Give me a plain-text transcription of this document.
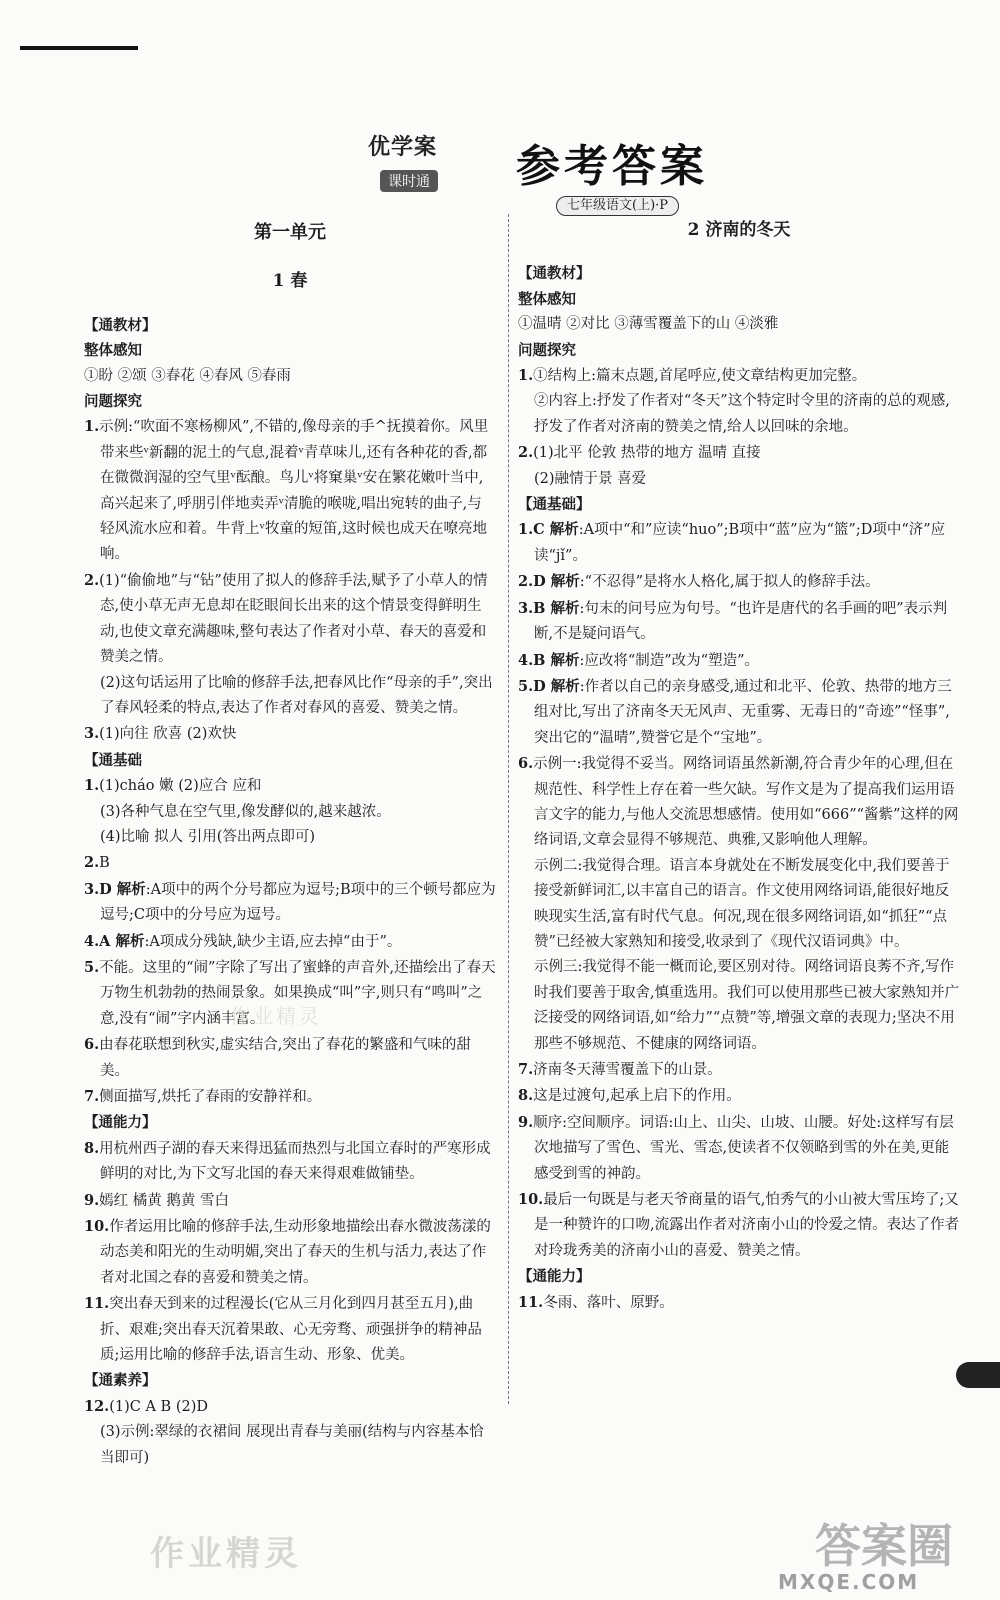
优学案
课时通 参考答案
七年级语文(上)·P
第一单元
1 春
【通教材】
整体感知
①盼 ②颂 ③春花 ④春风 ⑤春雨
问题探究
1.示例:“吹面不寒杨柳风”,不错的,像母亲的手^抚摸着你。风里带来些ᵛ新翻的泥土的气息,混着ᵛ青草味儿,还有各种花的香,都在微微润湿的空气里ᵛ酝酿。鸟儿ᵛ将窠巢ᵛ安在繁花嫩叶当中,高兴起来了,呼朋引伴地卖弄ᵛ清脆的喉咙,唱出宛转的曲子,与轻风流水应和着。牛背上ᵛ牧童的短笛,这时候也成天在嘹亮地响。
2.(1)“偷偷地”与“钻”使用了拟人的修辞手法,赋予了小草人的情态,使小草无声无息却在眨眼间长出来的这个情景变得鲜明生动,也使文章充满趣味,整句表达了作者对小草、春天的喜爱和赞美之情。
(2)这句话运用了比喻的修辞手法,把春风比作“母亲的手”,突出了春风轻柔的特点,表达了作者对春风的喜爱、赞美之情。
3.(1)向往 欣喜 (2)欢快
【通基础
1.(1)cháo 嫩 (2)应合 应和
(3)各种气息在空气里,像发酵似的,越来越浓。
(4)比喻 拟人 引用(答出两点即可)
2.B
3.D 解析:A项中的两个分号都应为逗号;B项中的三个顿号都应为逗号;C项中的分号应为逗号。
4.A 解析:A项成分残缺,缺少主语,应去掉“由于”。
5.不能。这里的“闹”字除了写出了蜜蜂的声音外,还描绘出了春天万物生机勃勃的热闹景象。如果换成“叫”字,则只有“鸣叫”之意,没有“闹”字内涵丰富。
6.由春花联想到秋实,虚实结合,突出了春花的繁盛和气味的甜美。
7.侧面描写,烘托了春雨的安静祥和。
【通能力】
8.用杭州西子湖的春天来得迅猛而热烈与北国立春时的严寒形成鲜明的对比,为下文写北国的春天来得艰难做铺垫。
9.嫣红 橘黄 鹅黄 雪白
10.作者运用比喻的修辞手法,生动形象地描绘出春水微波荡漾的动态美和阳光的生动明媚,突出了春天的生机与活力,表达了作者对北国之春的喜爱和赞美之情。
11.突出春天到来的过程漫长(它从三月化到四月甚至五月),曲折、艰难;突出春天沉着果敢、心无旁骛、顽强拼争的精神品质;运用比喻的修辞手法,语言生动、形象、优美。
【通素养】
12.(1)C A B (2)D
(3)示例:翠绿的衣裙间 展现出青春与美丽(结构与内容基本恰当即可)
2 济南的冬天
【通教材】
整体感知
①温晴 ②对比 ③薄雪覆盖下的山 ④淡雅
问题探究
1.①结构上:篇末点题,首尾呼应,使文章结构更加完整。
②内容上:抒发了作者对“冬天”这个特定时令里的济南的总的观感,抒发了作者对济南的赞美之情,给人以回味的余地。
2.(1)北平 伦敦 热带的地方 温晴 直接
(2)融情于景 喜爱
【通基础】
1.C 解析:A项中“和”应读“huo”;B项中“蓝”应为“篮”;D项中“济”应读“jǐ”。
2.D 解析:“不忍得”是将水人格化,属于拟人的修辞手法。
3.B 解析:句末的问号应为句号。“也许是唐代的名手画的吧”表示判断,不是疑问语气。
4.B 解析:应改将“制造”改为“塑造”。
5.D 解析:作者以自己的亲身感受,通过和北平、伦敦、热带的地方三组对比,写出了济南冬天无风声、无重雾、无毒日的“奇迹”“怪事”,突出它的“温晴”,赞誉它是个“宝地”。
6.示例一:我觉得不妥当。网络词语虽然新潮,符合青少年的心理,但在规范性、科学性上存在着一些欠缺。写作文是为了提高我们运用语言文字的能力,与他人交流思想感情。使用如“666”“酱紫”这样的网络词语,文章会显得不够规范、典雅,又影响他人理解。
示例二:我觉得合理。语言本身就处在不断发展变化中,我们要善于接受新鲜词汇,以丰富自己的语言。作文使用网络词语,能很好地反映现实生活,富有时代气息。何况,现在很多网络词语,如“抓狂”“点赞”已经被大家熟知和接受,收录到了《现代汉语词典》中。
示例三:我觉得不能一概而论,要区别对待。网络词语良莠不齐,写作时我们要善于取舍,慎重选用。我们可以使用那些已被大家熟知并广泛接受的网络词语,如“给力”“点赞”等,增强文章的表现力;坚决不用那些不够规范、不健康的网络词语。
7.济南冬天薄雪覆盖下的山景。
8.这是过渡句,起承上启下的作用。
9.顺序:空间顺序。词语:山上、山尖、山坡、山腰。好处:这样写有层次地描写了雪色、雪光、雪态,使读者不仅领略到雪的外在美,更能感受到雪的神韵。
10.最后一句既是与老天爷商量的语气,怕秀气的小山被大雪压垮了;又是一种赞许的口吻,流露出作者对济南小山的怜爱之情。表达了作者对玲珑秀美的济南小山的喜爱、赞美之情。
【通能力】
11.冬雨、落叶、原野。
作业精灵
作业精灵	答案圈
MXQE.COM
